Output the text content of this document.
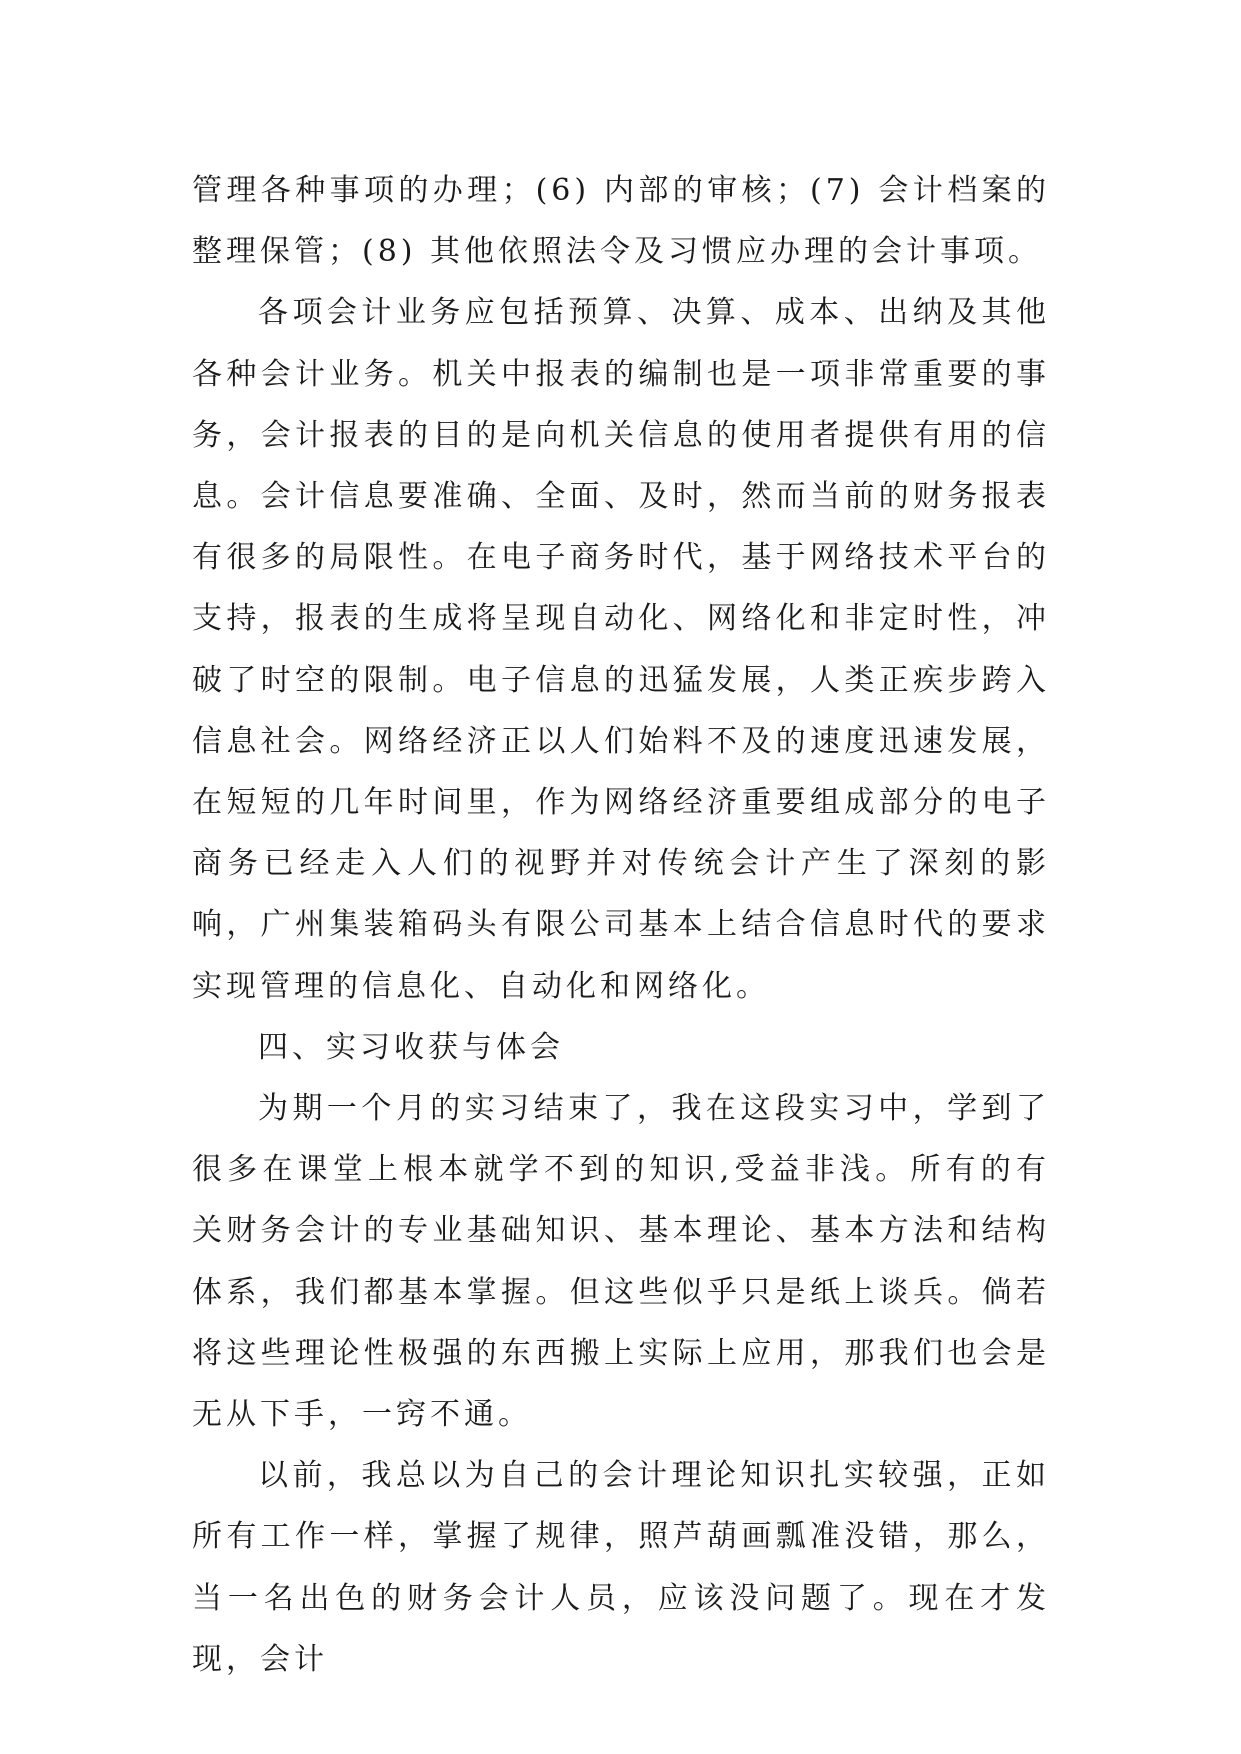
管理各种事项的办理；(6) 内部的审核；(7) 会计档案的整理保管；(8) 其他依照法令及习惯应办理的会计事项。

各项会计业务应包括预算、决算、成本、出纳及其他各种会计业务。机关中报表的编制也是一项非常重要的事务，会计报表的目的是向机关信息的使用者提供有用的信息。会计信息要准确、全面、及时，然而当前的财务报表有很多的局限性。在电子商务时代，基于网络技术平台的支持，报表的生成将呈现自动化、网络化和非定时性，冲破了时空的限制。电子信息的迅猛发展，人类正疾步跨入信息社会。网络经济正以人们始料不及的速度迅速发展，在短短的几年时间里，作为网络经济重要组成部分的电子商务已经走入人们的视野并对传统会计产生了深刻的影响，广州集装箱码头有限公司基本上结合信息时代的要求实现管理的信息化、自动化和网络化。

四、实习收获与体会

为期一个月的实习结束了，我在这段实习中，学到了很多在课堂上根本就学不到的知识,受益非浅。所有的有关财务会计的专业基础知识、基本理论、基本方法和结构体系，我们都基本掌握。但这些似乎只是纸上谈兵。倘若将这些理论性极强的东西搬上实际上应用，那我们也会是无从下手，一窍不通。

以前，我总以为自己的会计理论知识扎实较强，正如所有工作一样，掌握了规律，照芦葫画瓢准没错，那么，当一名出色的财务会计人员，应该没问题了。现在才发现，会计
